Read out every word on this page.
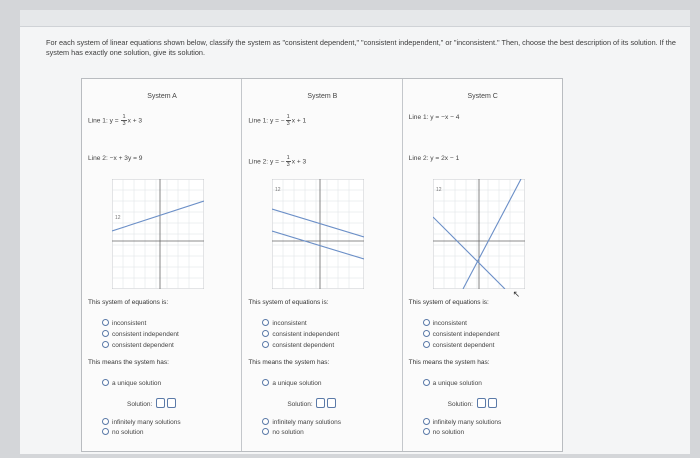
For each system of linear equations shown below, classify the system as "consistent dependent," "consistent independent," or "inconsistent." Then, choose the best description of its solution. If the system has exactly one solution, give its solution.
System A
Line 1: $y = \frac{1}{3}$ x + 3
Line 2: −x + 3y = 9
12
This system of equations is:
inconsistent
consistent independent
consistent dependent
This means the system has:
a unique solution
Solution:
infinitely many solutions
no solution
System B
Line 1: y = − $\frac{1}{3}$ x + 1
Line 2: y = − $\frac{1}{3}$ x + 3
12
This system of equations is:
inconsistent
consistent independent
consistent dependent
This means the system has:
a unique solution
Solution:
infinitely many solutions
no solution
System C
Line 1: y = −x − 4
Line 2: y = 2x − 1
12
↖
This system of equations is:
inconsistent
consistent independent
consistent dependent
This means the system has:
a unique solution
Solution:
infinitely many solutions
no solution
